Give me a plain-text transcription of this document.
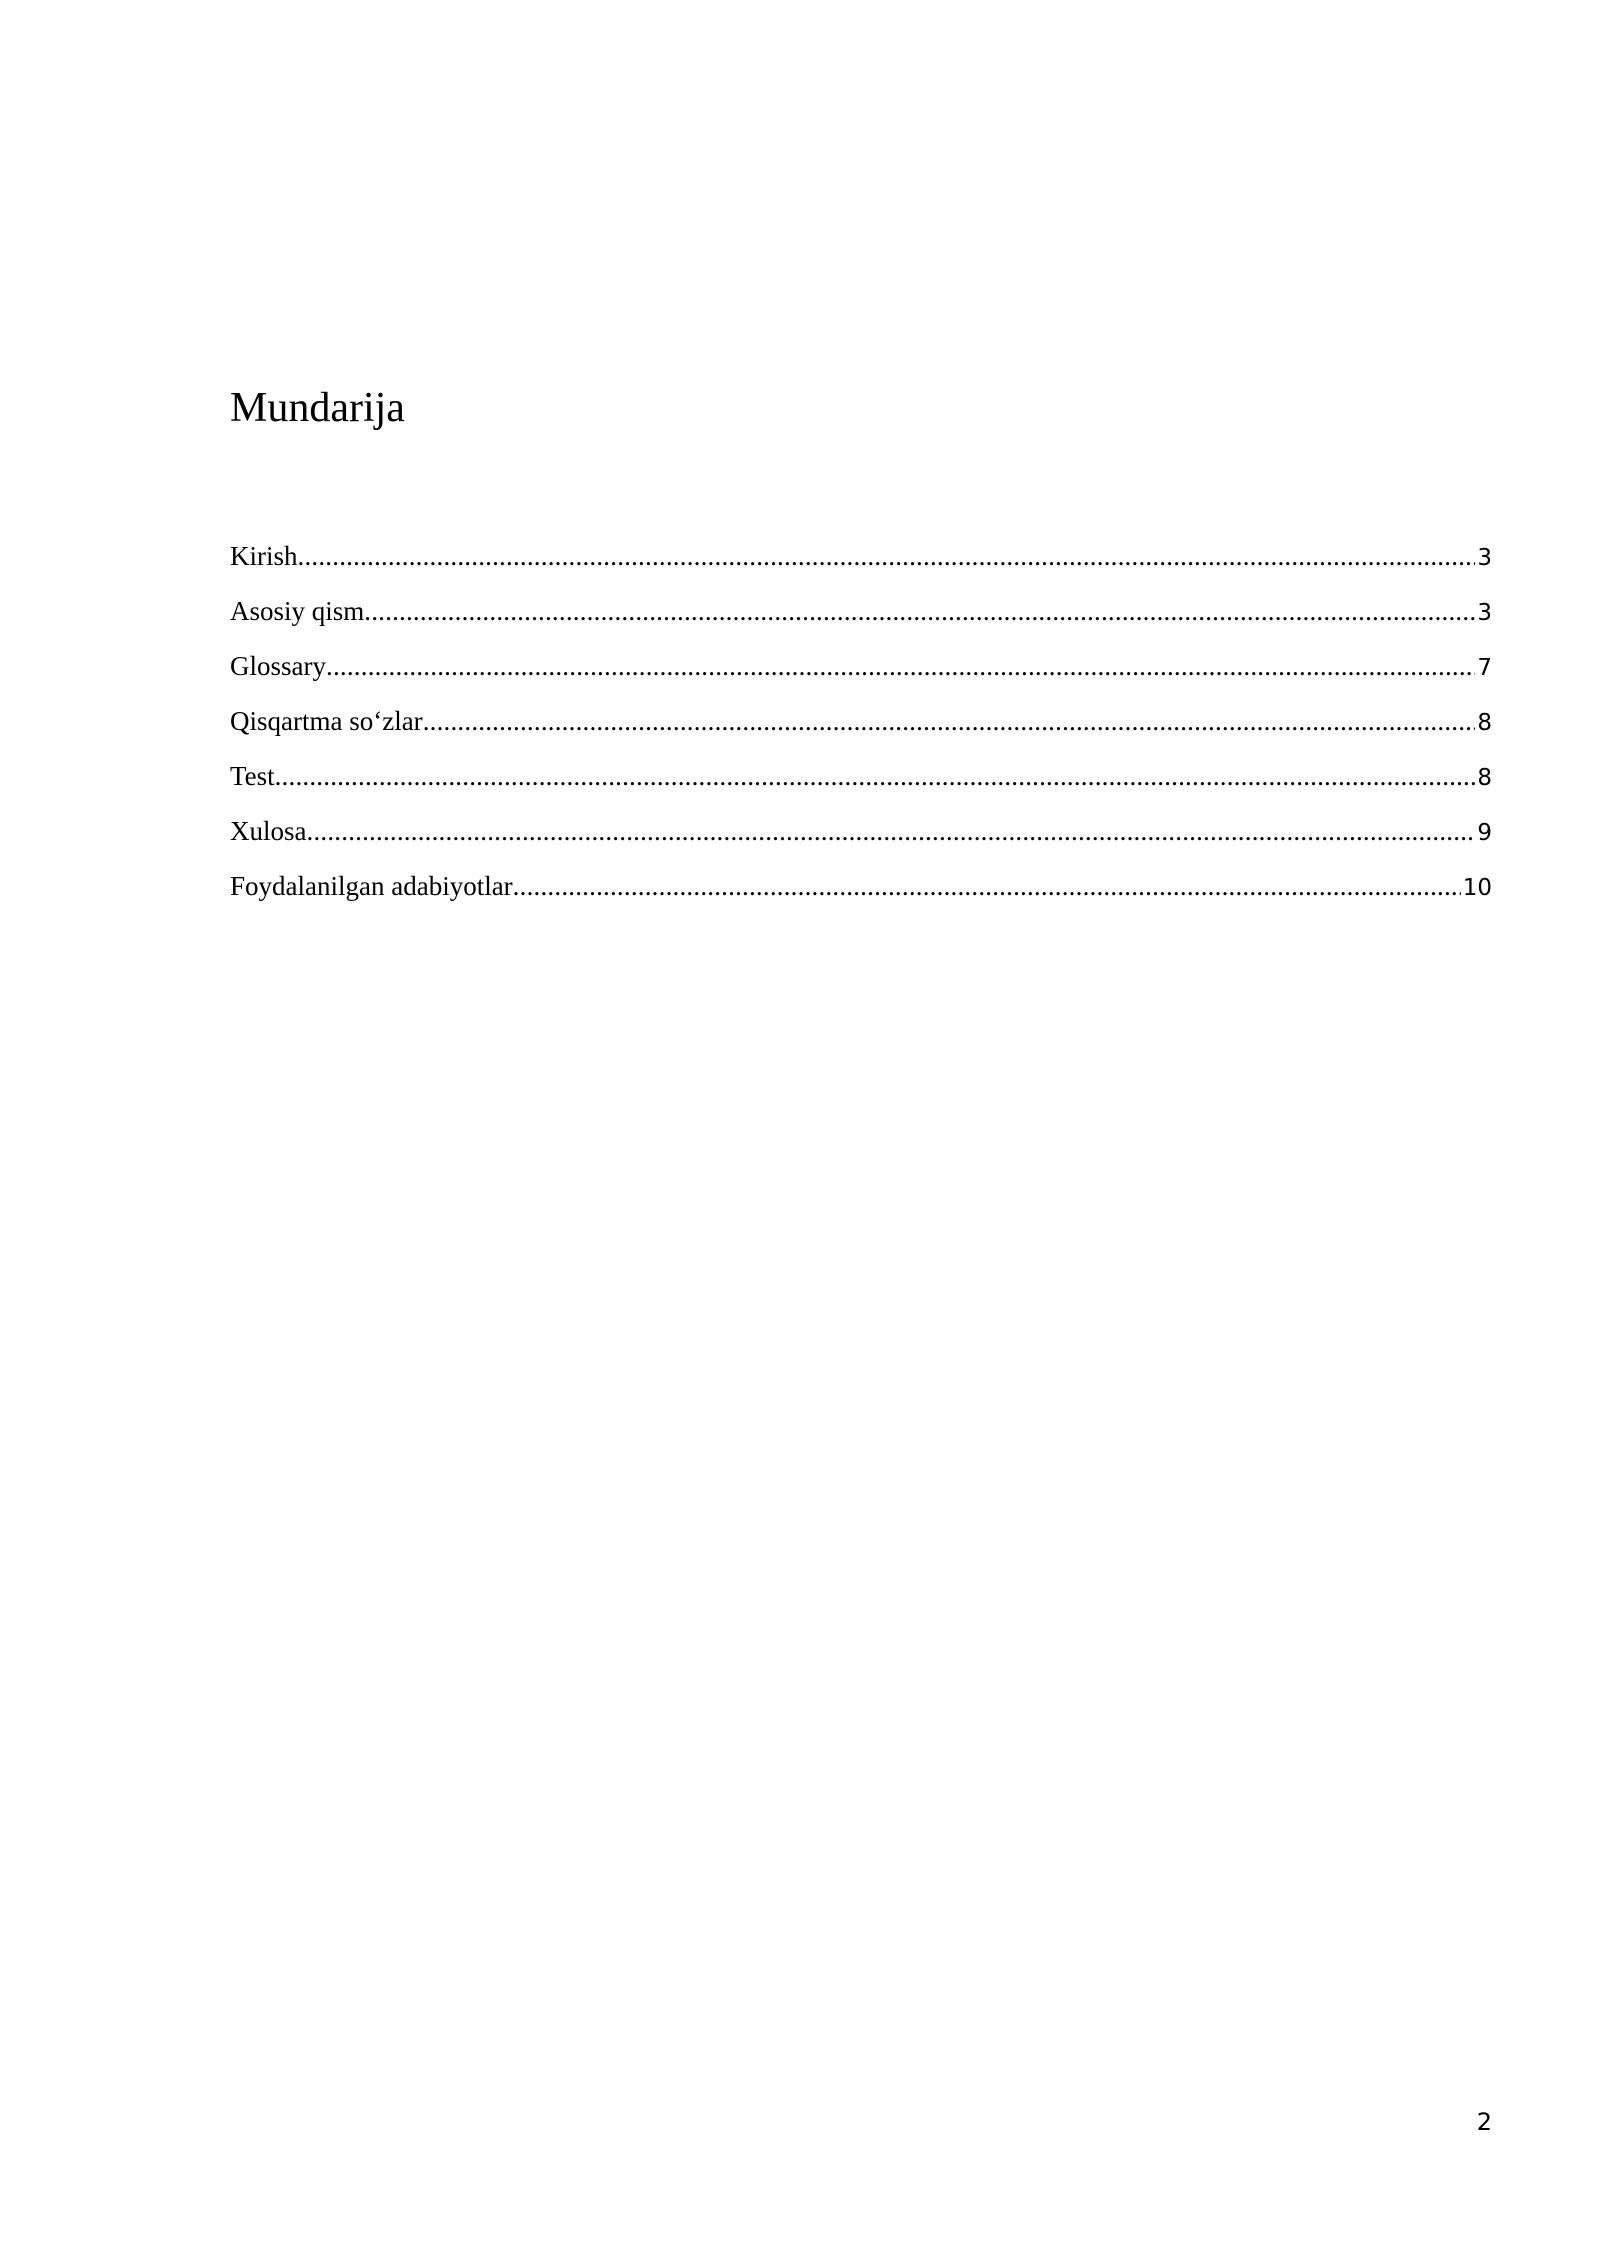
Mundarija
Kirish .....	3
Asosiy qism .....	3
Glossary .....	7
Qisqartma so‘zlar .....	8
Test .....	8
Xulosa .....	9
Foydalanilgan adabiyotlar .....	10
2
